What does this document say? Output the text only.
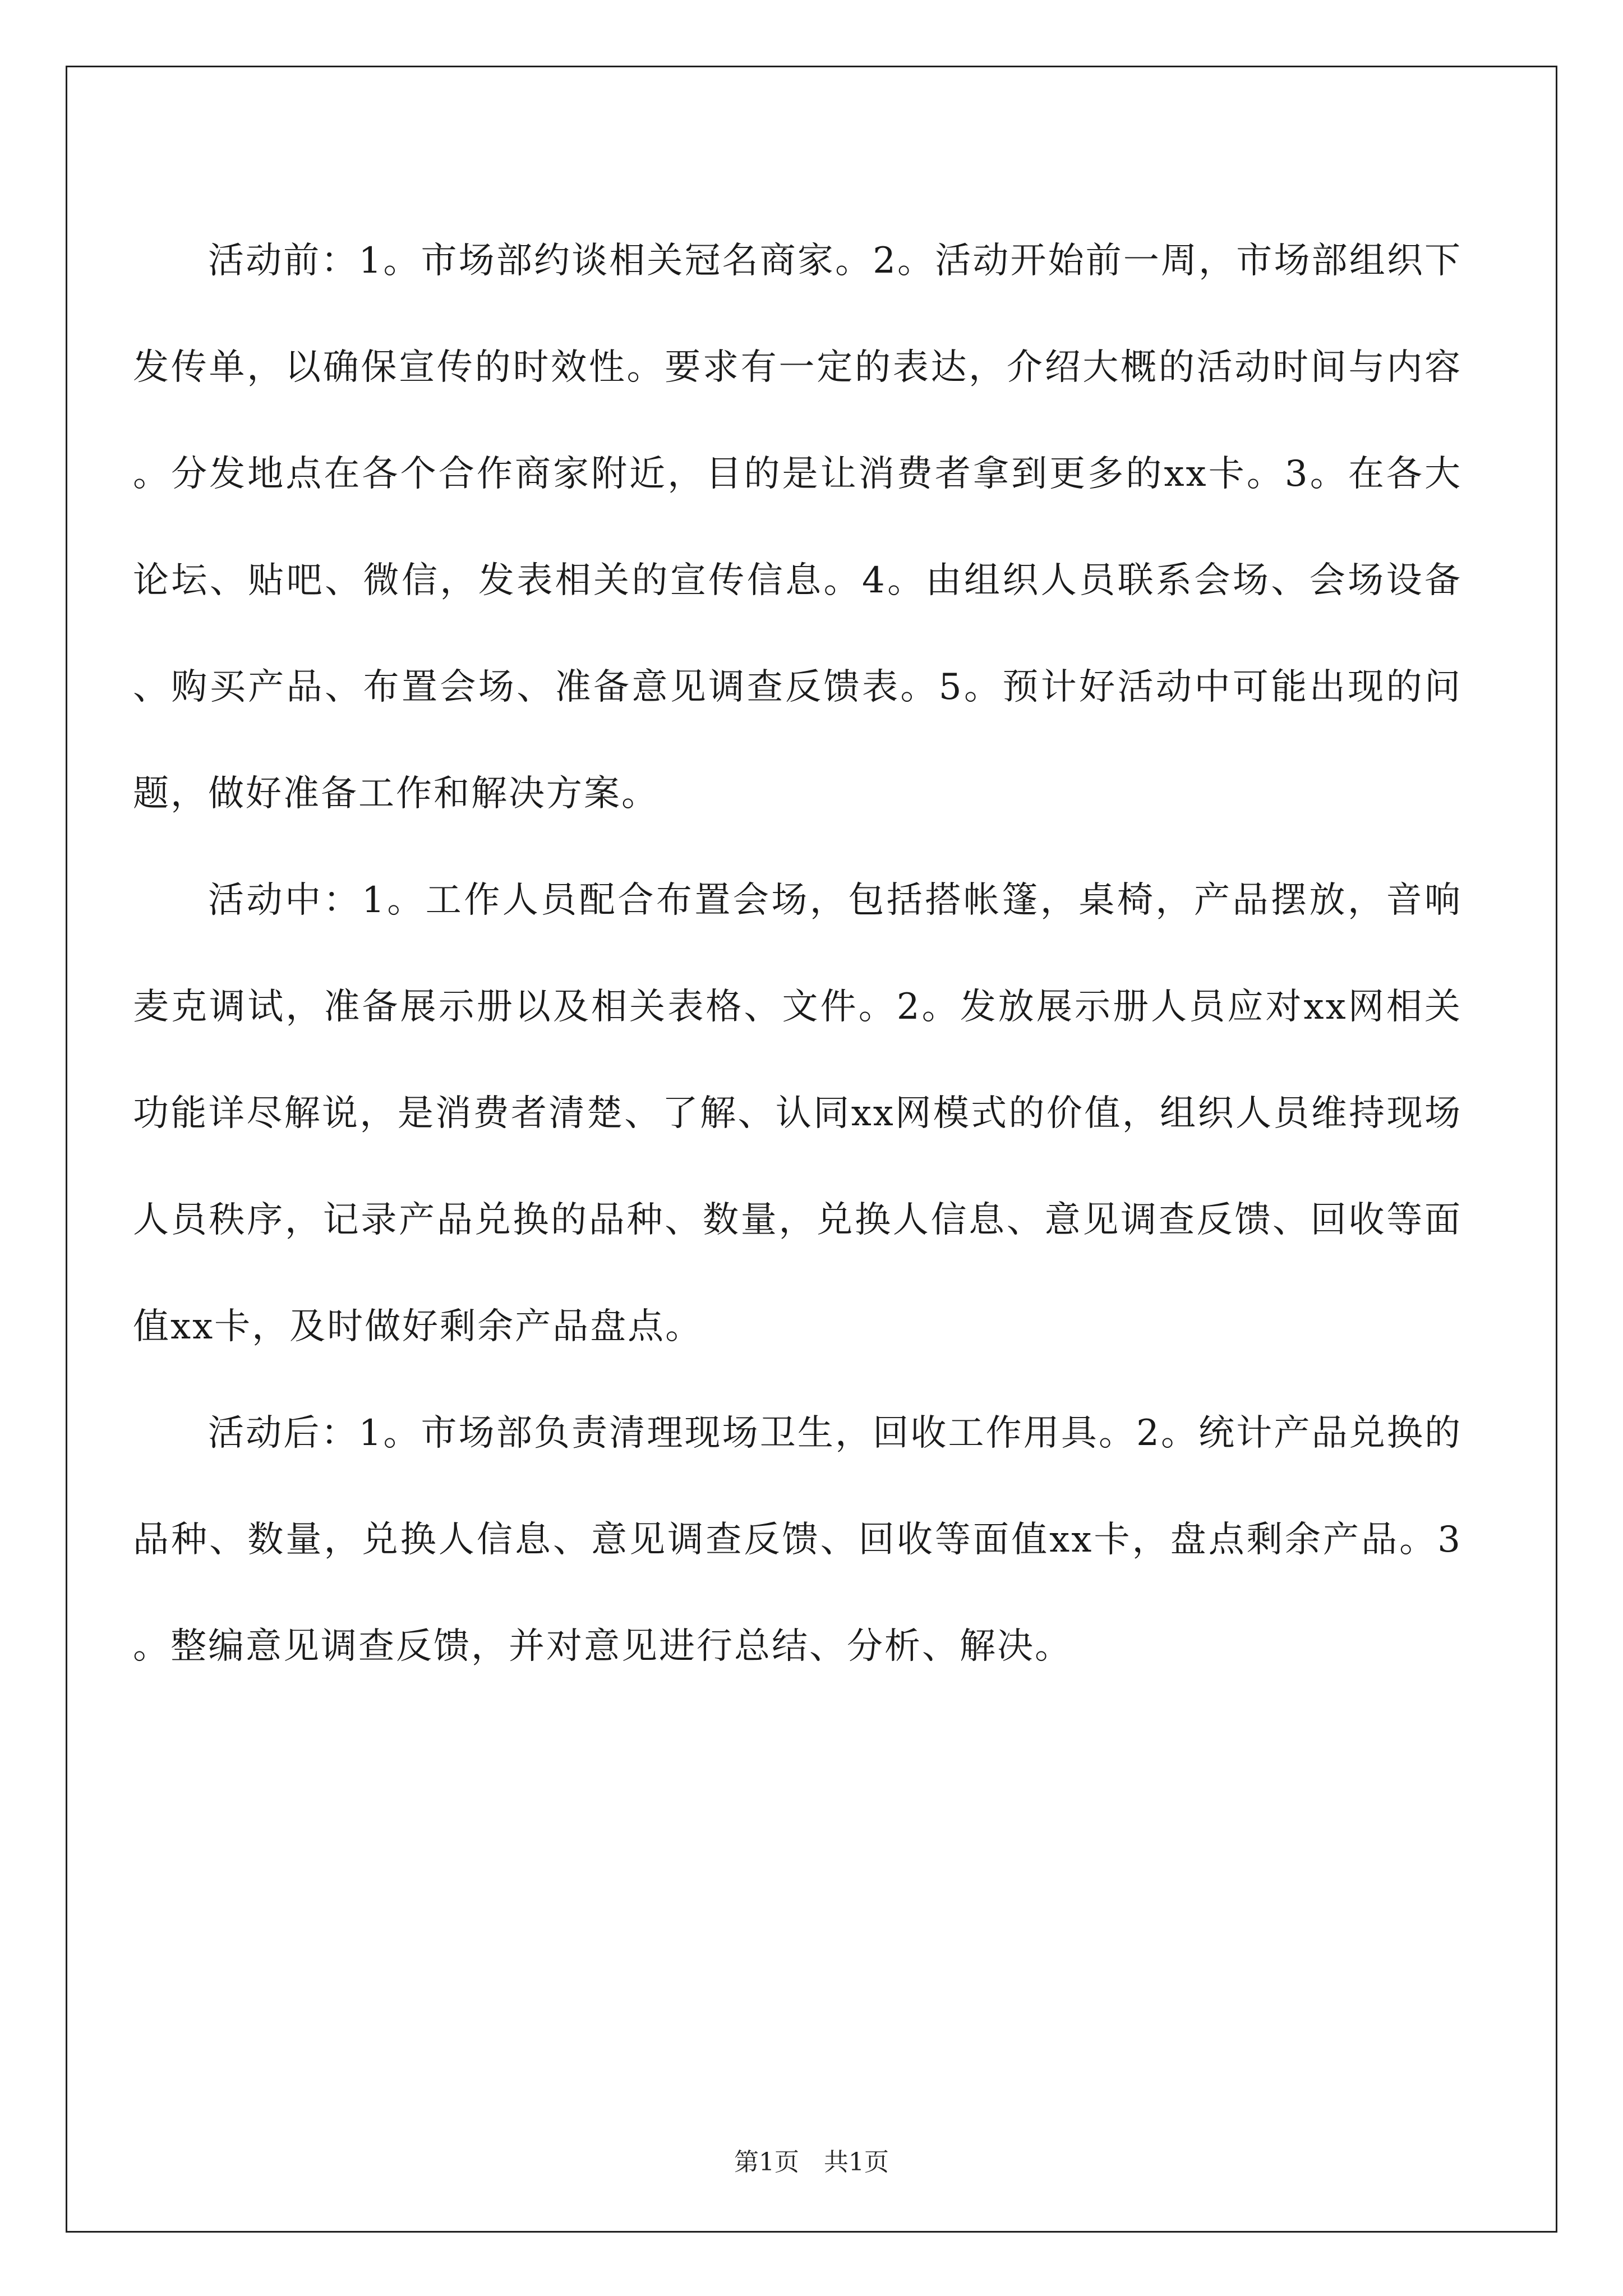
活动前：1。市场部约谈相关冠名商家。2。活动开始前一周，市场部组织下发传单，以确保宣传的时效性。要求有一定的表达，介绍大概的活动时间与内容。分发地点在各个合作商家附近，目的是让消费者拿到更多的xx卡。3。在各大论坛、贴吧、微信，发表相关的宣传信息。4。由组织人员联系会场、会场设备、购买产品、布置会场、准备意见调查反馈表。5。预计好活动中可能出现的问题，做好准备工作和解决方案。

活动中：1。工作人员配合布置会场，包括搭帐篷，桌椅，产品摆放，音响麦克调试，准备展示册以及相关表格、文件。2。发放展示册人员应对xx网相关功能详尽解说，是消费者清楚、了解、认同xx网模式的价值，组织人员维持现场人员秩序，记录产品兑换的品种、数量，兑换人信息、意见调查反馈、回收等面值xx卡，及时做好剩余产品盘点。

活动后：1。市场部负责清理现场卫生，回收工作用具。2。统计产品兑换的品种、数量，兑换人信息、意见调查反馈、回收等面值xx卡，盘点剩余产品。3。整编意见调查反馈，并对意见进行总结、分析、解决。

第1页　共1页
